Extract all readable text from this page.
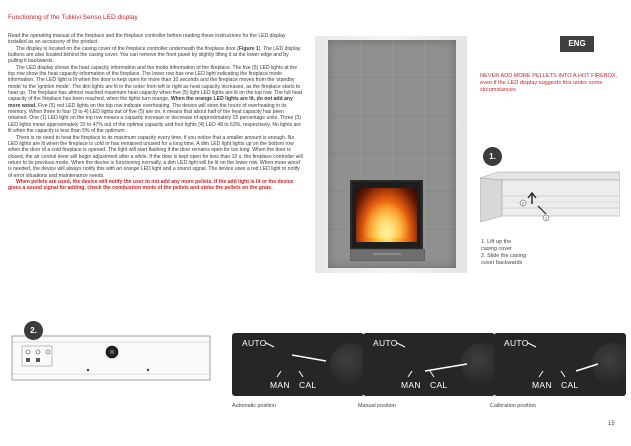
Functioning of the Tulikivi Senso LED display

Read the operating manual of the fireplace and the fireplace controller before reading these instructions for the LED display installed as an accessory of the product.

The display is located on the casing cover of the fireplace controller underneath the fireplace door (Figure 1). The LED display buttons are also located behind the casing cover. You can remove the front panel by slightly lifting it at the lower edge and by pulling it backwards.

The LED display shows the heat capacity information and the mode information of the fireplace. The five (5) LED lights at the top row show the heat capacity information of the fireplace. The lower row has one LED light indicating the fireplace mode information. The LED light is lit when the door is kept open for more than 10 seconds and the fireplace moves from the 'standby mode' to the 'ignition mode'. The dim lights are lit in the order from left to right as heat capacity increases, as the fireplace starts to heat up. The fireplace has almost reached maximum heat capacity when five (5) light LED lights are lit on the top row. The full heat capacity of the fireplace has been reached, when the lights turn orange. When the orange LED lights are lit, do not add any more wood. Five (5) red LED lights on the top row indicate overheating. The device will store the hours of overheating in its memory. When three to four (3 to 4) LED lights out of five (5) are on, it means that about half of the heat capacity has been retained. One (1) LED light on the top row means a capacity increase or decrease of approximately 15 percentage units. Three (3) LED lights mean approximately 32 to 47% out of the optimal capacity and four lights (4) LED 48 to 63%, respectively. No lights are lit when the capacity is less than 5% of the optimum.

There is no need to heat the fireplace to its maximum capacity every time, if you notice that a smaller amount is enough. No LED lights are lit when the fireplace is cold or has remained unused for a long time. A dim LED light lights up on the bottom row when the door of a cold fireplace is opened. The light will start flashing if the door remains open for too long. When the door is closed, the air control lever will begin adjustment after a while. If the door is kept open for less than 10 s, the fireplace controller will return to its previous mode. When the device is functioning normally, a dim LED light will be lit on the lower row. When more wood is needed, the device will always notify this with an orange LED light and a sound signal. The device uses a red LED light to notify of error situations and maintenance needs.

When pellets are used, the device will notify the user to not add any more pellets. If the add light is lit or the device gives a sound signal for adding, check the combustion mode of the pellets and stoke the pellets on the grate.

ENG
NEVER ADD MORE PELLETS INTO A HOT FIREBOX, even if the LED display suggests this under some circumstances
1.
2
1
1. Lift up the
casing cover
2. Slide the casing
cover backwards
2.
AUTO
MAN CAL
AUTO
MAN CAL
AUTO
MAN CAL
Automatic position	Manual position	Calibration position
15
